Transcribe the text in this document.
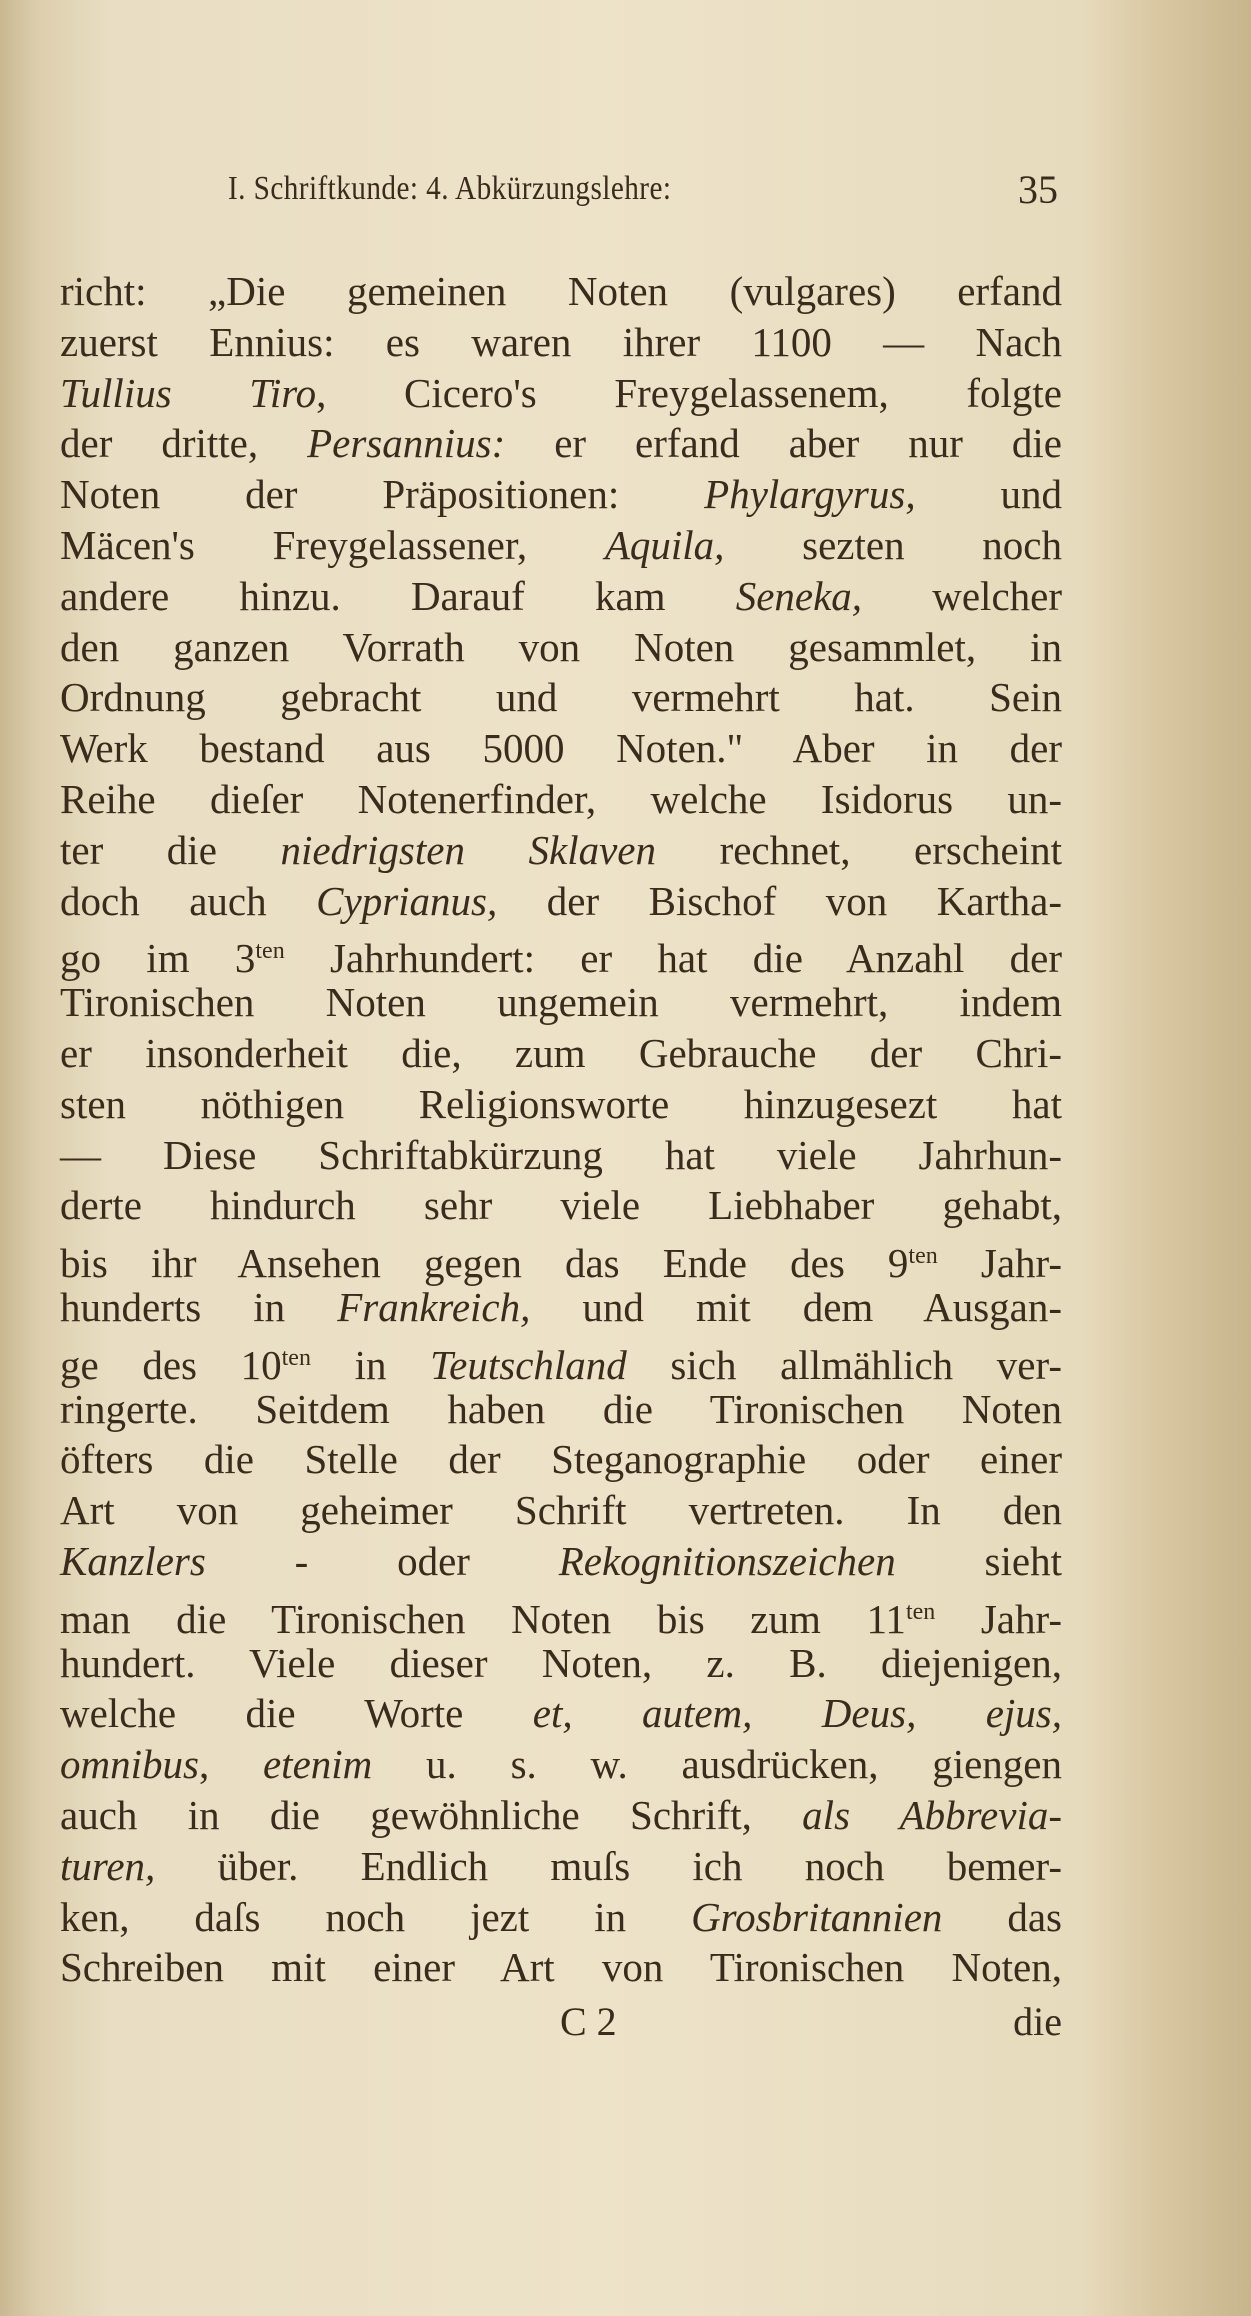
I. Schriftkunde: 4. Abkürzungslehre:	35
richt: „Die gemeinen Noten (vulgares) erfand
zuerst Ennius: es waren ihrer 1100 — Nach
Tullius Tiro, Cicero's Freygelassenem, folgte
der dritte, Persannius: er erfand aber nur die
Noten der Präpositionen: Phylargyrus, und
Mäcen's Freygelassener, Aquila, sezten noch
andere hinzu. Darauf kam Seneka, welcher
den ganzen Vorrath von Noten gesammlet, in
Ordnung gebracht und vermehrt hat. Sein
Werk bestand aus 5000 Noten." Aber in der
Reihe dieſer Notenerfinder, welche Isidorus un-
ter die niedrigsten Sklaven rechnet, erscheint
doch auch Cyprianus, der Bischof von Kartha-
go im $3^{ten}$ Jahrhundert: er hat die Anzahl der
Tironischen Noten ungemein vermehrt, indem
er insonderheit die, zum Gebrauche der Chri-
sten nöthigen Religionsworte hinzugesezt hat
— Diese Schriftabkürzung hat viele Jahrhun-
derte hindurch sehr viele Liebhaber gehabt,
bis ihr Ansehen gegen das Ende des $9^{ten}$ Jahr-
hunderts in Frankreich, und mit dem Ausgan-
ge des $10^{ten}$ in Teutschland sich allmählich ver-
ringerte. Seitdem haben die Tironischen Noten
öfters die Stelle der Steganographie oder einer
Art von geheimer Schrift vertreten. In den
Kanzlers - oder Rekognitionszeichen sieht
man die Tironischen Noten bis zum $11^{ten}$ Jahr-
hundert. Viele dieser Noten, z. B. diejenigen,
welche die Worte et, autem, Deus, ejus,
omnibus, etenim u. s. w. ausdrücken, giengen
auch in die gewöhnliche Schrift, als Abbrevia-
turen, über. Endlich muſs ich noch bemer-
ken, daſs noch jezt in Grosbritannien das
Schreiben mit einer Art von Tironischen Noten,
C 2	die
